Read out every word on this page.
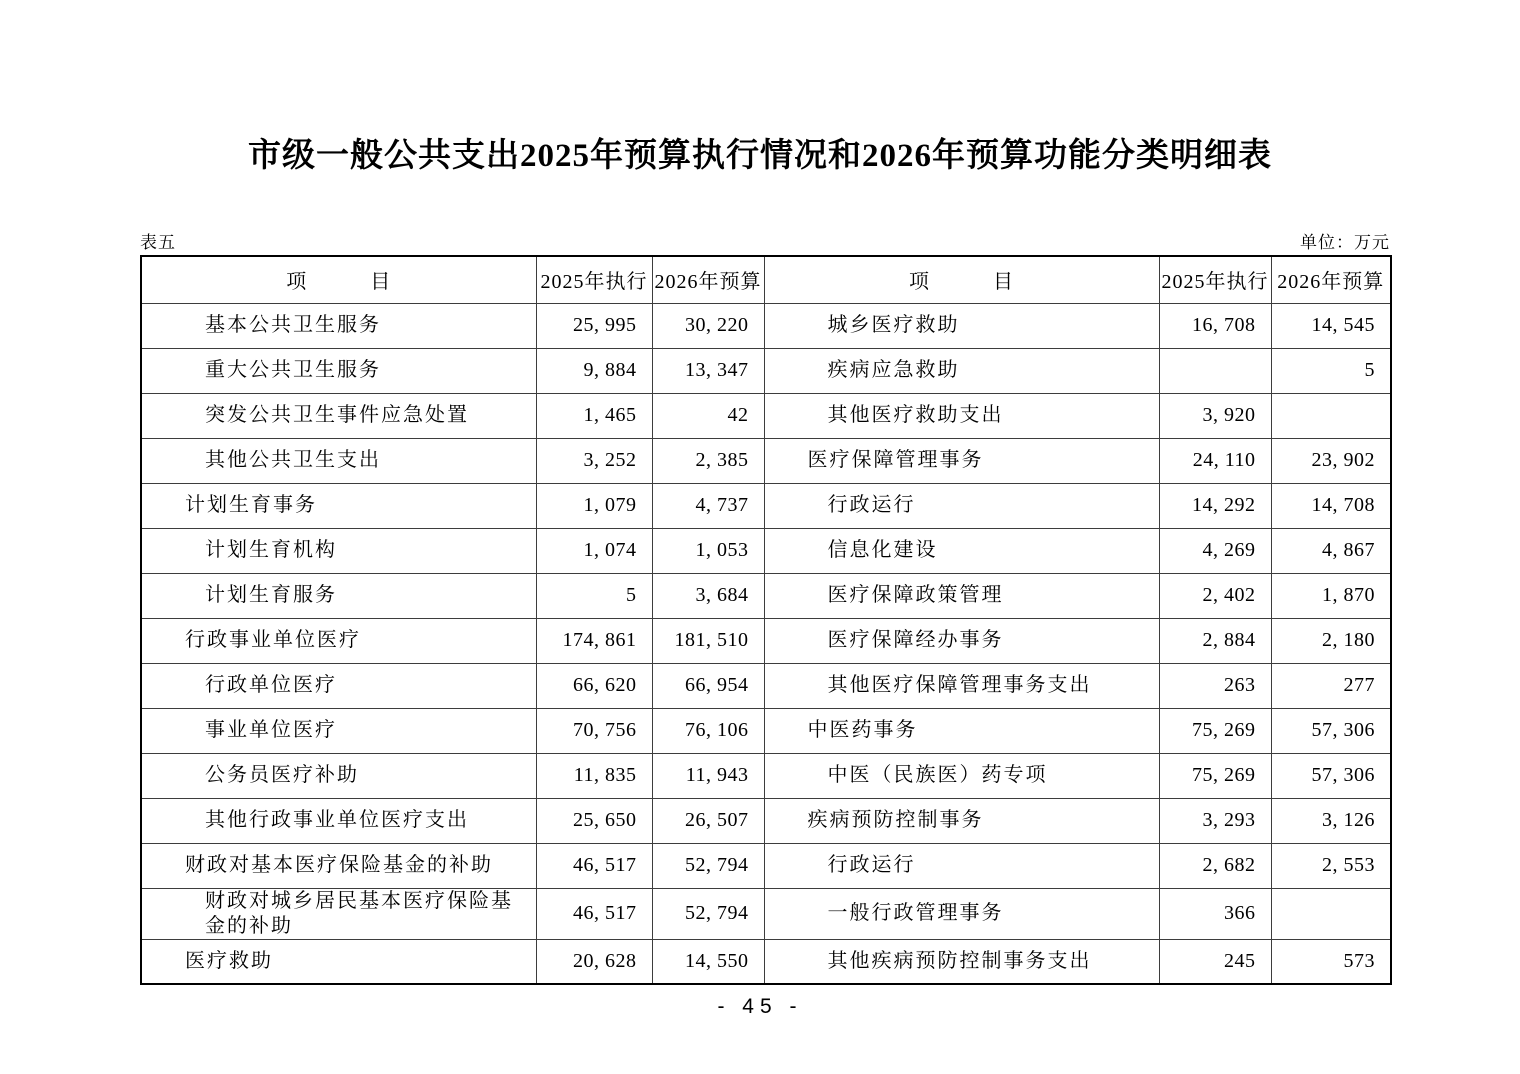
市级一般公共支出2025年预算执行情况和2026年预算功能分类明细表
表五	单位：万元
项　　　目	2025年执行	2026年预算	项　　　目	2025年执行	2026年预算
基本公共卫生服务	25, 995	30, 220	城乡医疗救助	16, 708	14, 545
重大公共卫生服务	9, 884	13, 347	疾病应急救助		5
突发公共卫生事件应急处置	1, 465	42	其他医疗救助支出	3, 920	
其他公共卫生支出	3, 252	2, 385	医疗保障管理事务	24, 110	23, 902
计划生育事务	1, 079	4, 737	行政运行	14, 292	14, 708
计划生育机构	1, 074	1, 053	信息化建设	4, 269	4, 867
计划生育服务	5	3, 684	医疗保障政策管理	2, 402	1, 870
行政事业单位医疗	174, 861	181, 510	医疗保障经办事务	2, 884	2, 180
行政单位医疗	66, 620	66, 954	其他医疗保障管理事务支出	263	277
事业单位医疗	70, 756	76, 106	中医药事务	75, 269	57, 306
公务员医疗补助	11, 835	11, 943	中医（民族医）药专项	75, 269	57, 306
其他行政事业单位医疗支出	25, 650	26, 507	疾病预防控制事务	3, 293	3, 126
财政对基本医疗保险基金的补助	46, 517	52, 794	行政运行	2, 682	2, 553
财政对城乡居民基本医疗保险基金的补助	46, 517	52, 794	一般行政管理事务	366	
医疗救助	20, 628	14, 550	其他疾病预防控制事务支出	245	573
- 45 -
